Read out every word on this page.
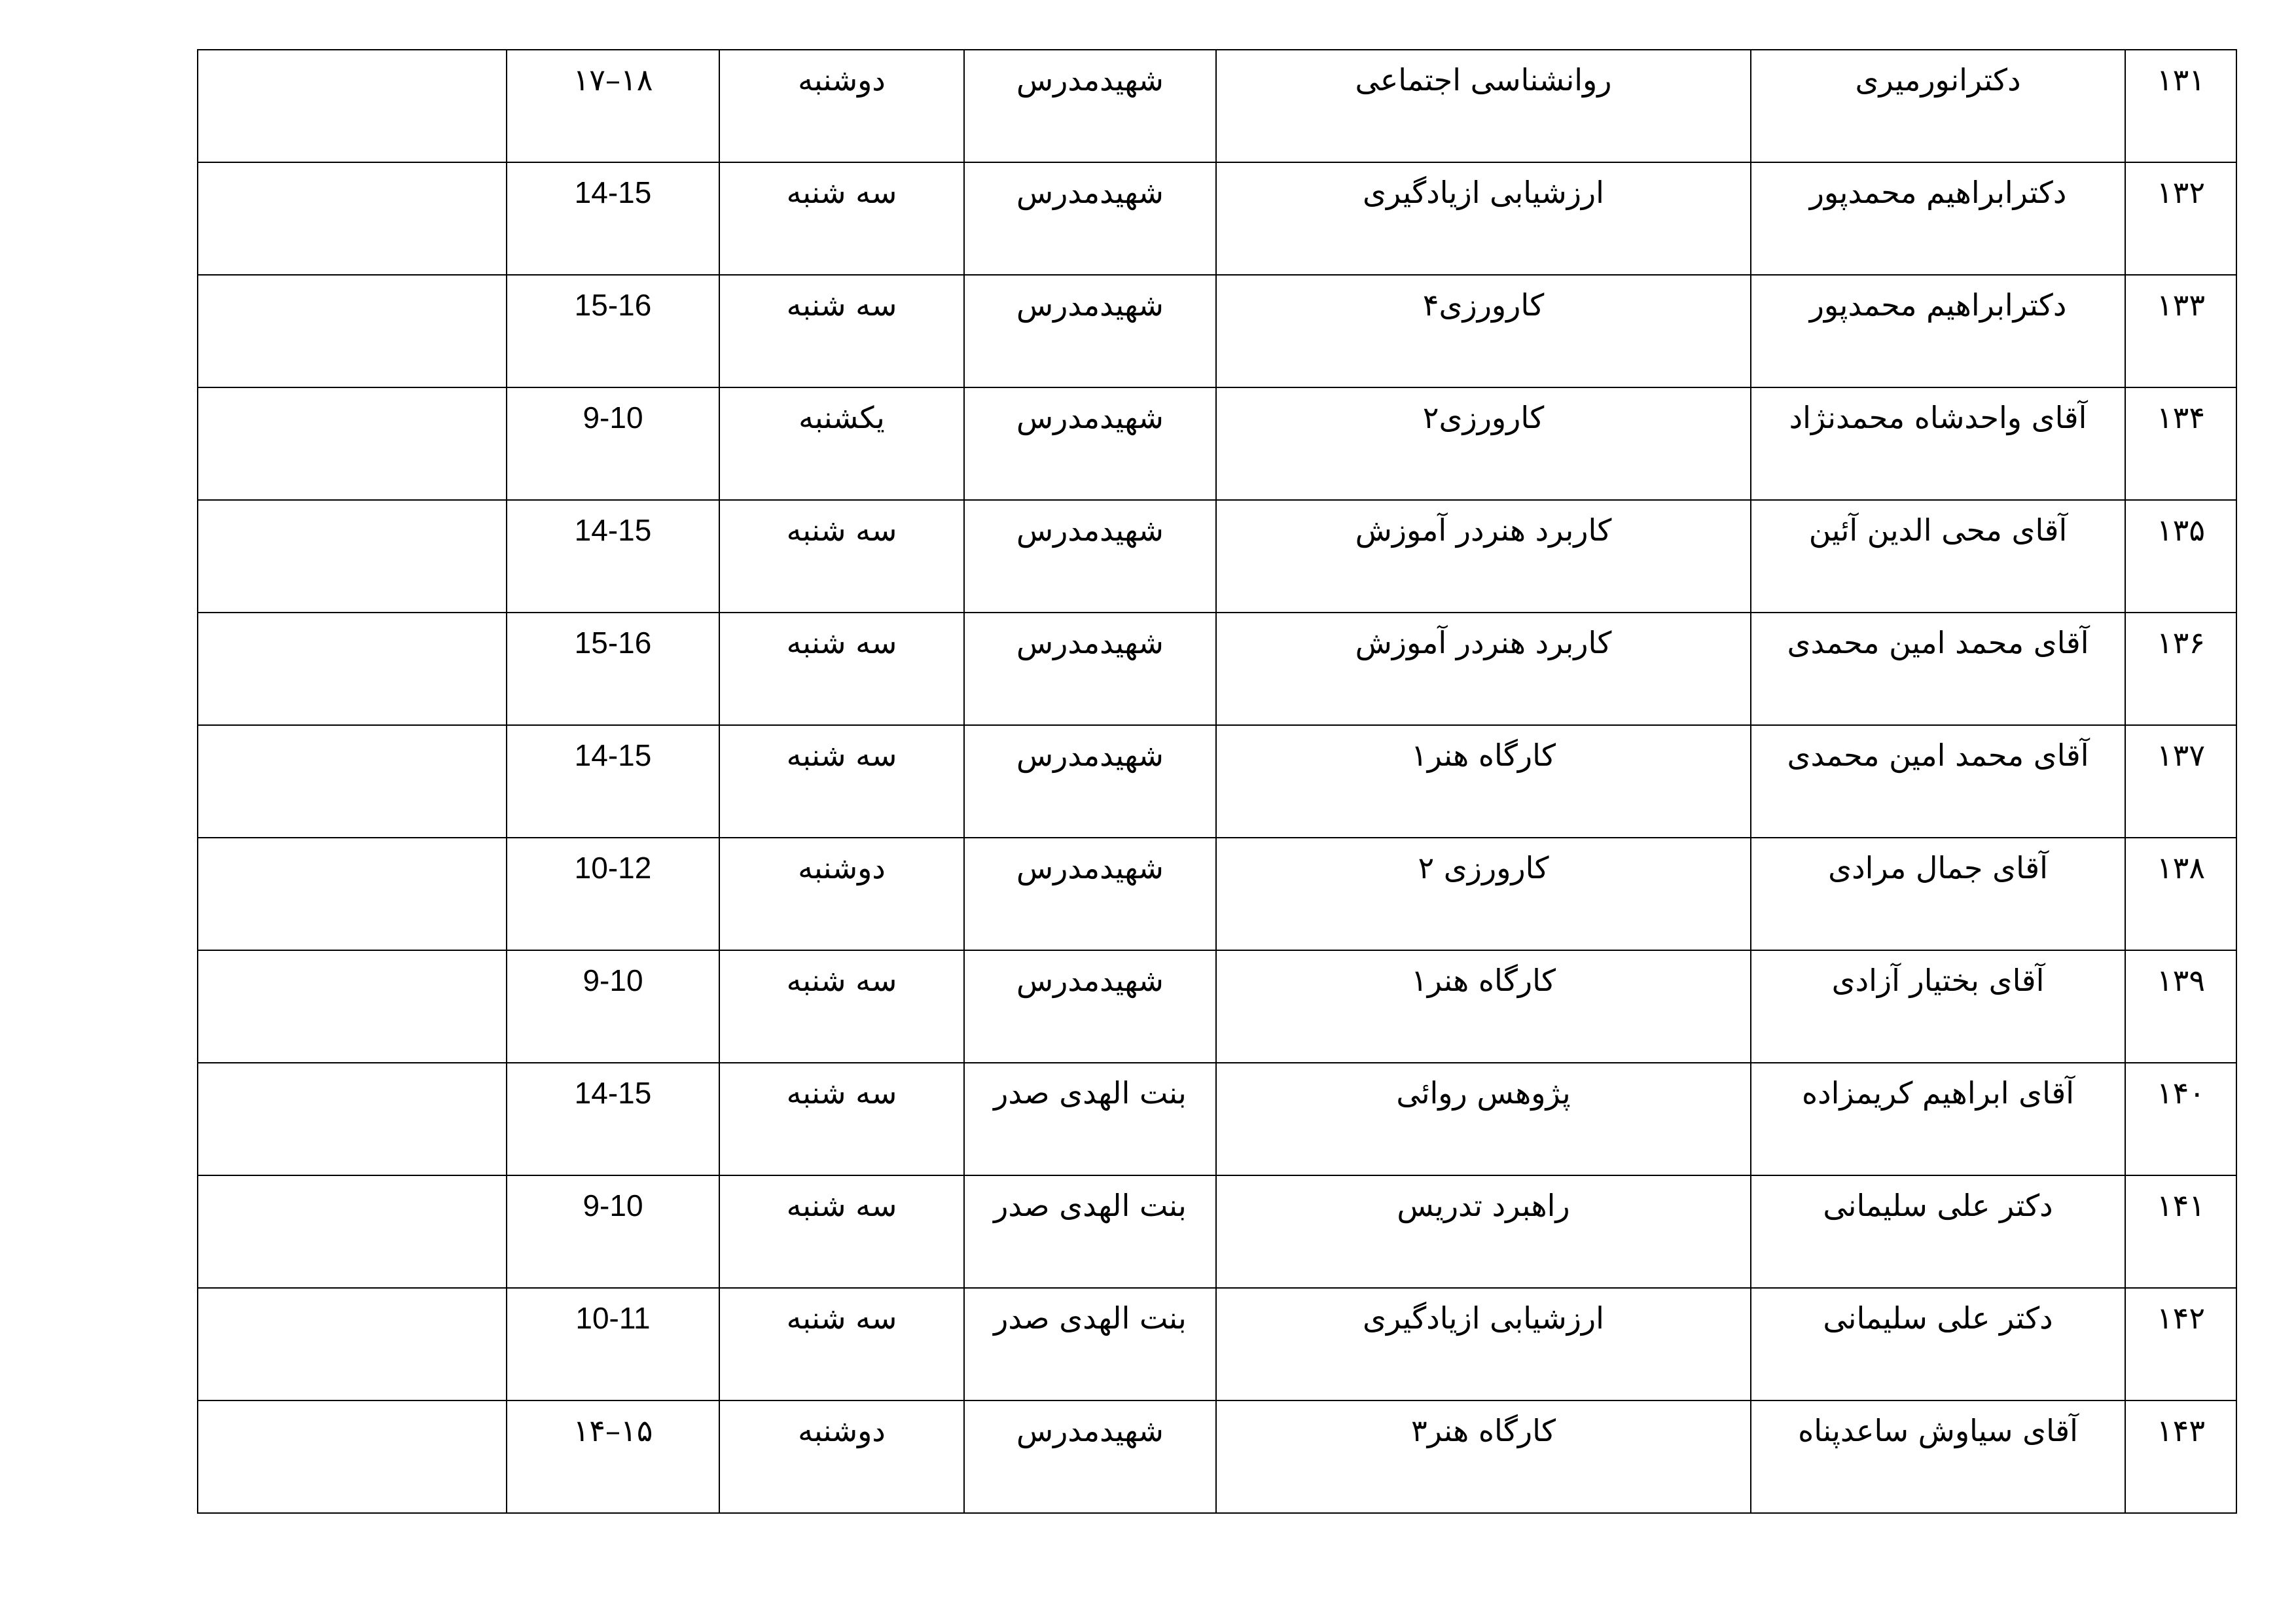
۱۳۱	دکترانورمیری	روانشناسی اجتماعی	شهیدمدرس	دوشنبه	۱۸–۱۷	
۱۳۲	دکترابراهیم محمدپور	ارزشیابی ازیادگیری	شهیدمدرس	سه شنبه	14-15	
۱۳۳	دکترابراهیم محمدپور	کارورزی۴	شهیدمدرس	سه شنبه	15-16	
۱۳۴	آقای واحدشاه محمدنژاد	کارورزی۲	شهیدمدرس	یکشنبه	9-10	
۱۳۵	آقای محی الدین آئین	کاربرد هنردر آموزش	شهیدمدرس	سه شنبه	14-15	
۱۳۶	آقای محمد امین محمدی	کاربرد هنردر آموزش	شهیدمدرس	سه شنبه	15-16	
۱۳۷	آقای محمد امین محمدی	کارگاه هنر۱	شهیدمدرس	سه شنبه	14-15	
۱۳۸	آقای جمال مرادی	کارورزی ۲	شهیدمدرس	دوشنبه	10-12	
۱۳۹	آقای بختیار آزادی	کارگاه هنر۱	شهیدمدرس	سه شنبه	9-10	
۱۴۰	آقای ابراهیم کریمزاده	پژوهس روائی	بنت الهدی صدر	سه شنبه	14-15	
۱۴۱	دکتر علی سلیمانی	راهبرد تدریس	بنت الهدی صدر	سه شنبه	9-10	
۱۴۲	دکتر علی سلیمانی	ارزشیابی ازیادگیری	بنت الهدی صدر	سه شنبه	10-11	
۱۴۳	آقای سیاوش ساعدپناه	کارگاه هنر۳	شهیدمدرس	دوشنبه	۱۵–۱۴	
